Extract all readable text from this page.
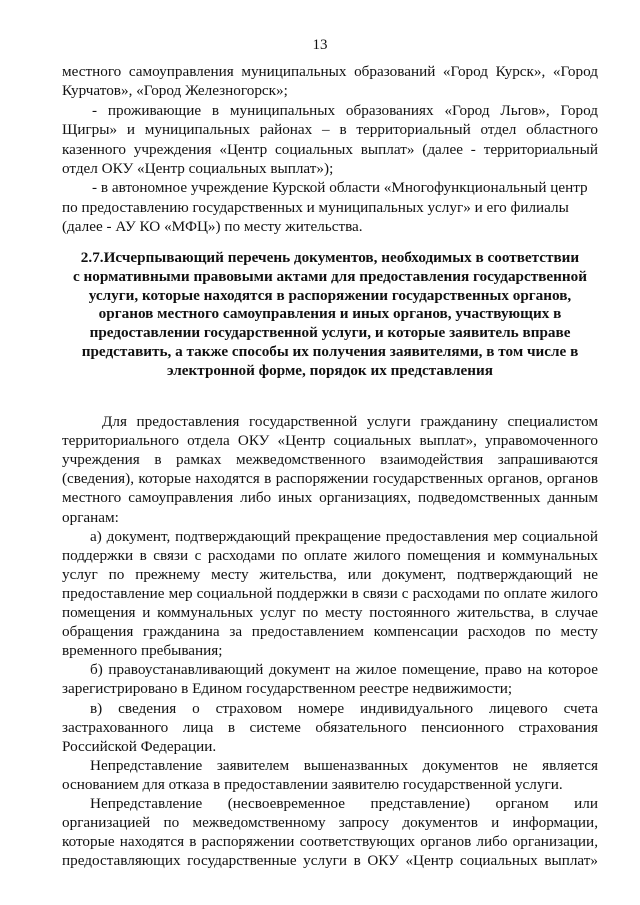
13
местного самоуправления муниципальных образований «Город Курск», «Город
Курчатов», «Город Железногорск»;
- проживающие в муниципальных образованиях «Город Льгов», Город
Щигры» и муниципальных районах – в территориальный отдел областного
казенного учреждения «Центр социальных выплат» (далее - территориальный
отдел ОКУ «Центр социальных выплат»);
- в автономное учреждение Курской области «Многофункциональный центр
по предоставлению государственных и муниципальных услуг» и его филиалы
(далее - АУ КО «МФЦ») по месту жительства.
2.7.Исчерпывающий перечень документов, необходимых в соответствии
с нормативными правовыми актами для предоставления государственной
услуги, которые находятся в распоряжении государственных органов,
органов местного самоуправления и иных органов, участвующих в
предоставлении государственной услуги, и которые заявитель вправе
представить, а также способы их получения заявителями, в том числе в
электронной форме, порядок их представления
Для предоставления государственной услуги гражданину специалистом
территориального отдела ОКУ «Центр социальных выплат», управомоченного
учреждения в рамках межведомственного взаимодействия запрашиваются
(сведения), которые находятся в распоряжении государственных органов, органов
местного самоуправления либо иных организациях, подведомственных данным
органам:
а) документ, подтверждающий прекращение предоставления мер социальной
поддержки в связи с расходами по оплате жилого помещения и коммунальных
услуг по прежнему месту жительства, или документ, подтверждающий не
предоставление мер социальной поддержки в связи с расходами по оплате жилого
помещения и коммунальных услуг по месту постоянного жительства, в случае
обращения гражданина за предоставлением компенсации расходов по месту
временного пребывания;
б) правоустанавливающий документ на жилое помещение, право на которое
зарегистрировано в Едином государственном реестре недвижимости;
в) сведения о страховом номере индивидуального лицевого счета
застрахованного лица в системе обязательного пенсионного страхования
Российской Федерации.
Непредставление заявителем вышеназванных документов не является
основанием для отказа в предоставлении заявителю государственной услуги.
Непредставление (несвоевременное представление) органом или
организацией по межведомственному запросу документов и информации,
которые находятся в распоряжении соответствующих органов либо организации,
предоставляющих государственные услуги в ОКУ «Центр социальных выплат»
